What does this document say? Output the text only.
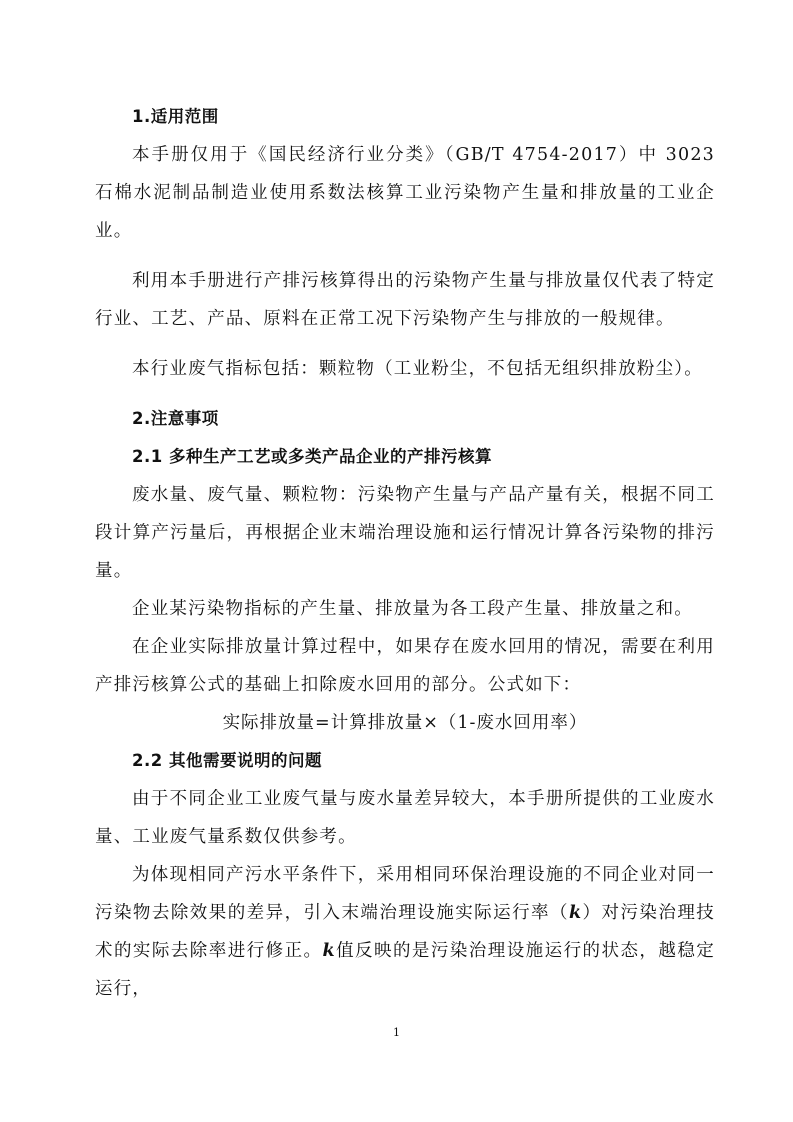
1.适用范围

本手册仅用于《国民经济行业分类》（GB/T 4754-2017）中 3023 石棉水泥制品制造业使用系数法核算工业污染物产生量和排放量的工业企业。

利用本手册进行产排污核算得出的污染物产生量与排放量仅代表了特定行业、工艺、产品、原料在正常工况下污染物产生与排放的一般规律。

本行业废气指标包括：颗粒物（工业粉尘，不包括无组织排放粉尘）。

2.注意事项
2.1 多种生产工艺或多类产品企业的产排污核算

废水量、废气量、颗粒物：污染物产生量与产品产量有关，根据不同工段计算产污量后，再根据企业末端治理设施和运行情况计算各污染物的排污量。

企业某污染物指标的产生量、排放量为各工段产生量、排放量之和。

在企业实际排放量计算过程中，如果存在废水回用的情况，需要在利用产排污核算公式的基础上扣除废水回用的部分。公式如下：

实际排放量=计算排放量×（1-废水回用率）

2.2 其他需要说明的问题

由于不同企业工业废气量与废水量差异较大，本手册所提供的工业废水量、工业废气量系数仅供参考。

为体现相同产污水平条件下，采用相同环保治理设施的不同企业对同一污染物去除效果的差异，引入末端治理设施实际运行率（k）对污染治理技术的实际去除率进行修正。k值反映的是污染治理设施运行的状态，越稳定运行，

1
